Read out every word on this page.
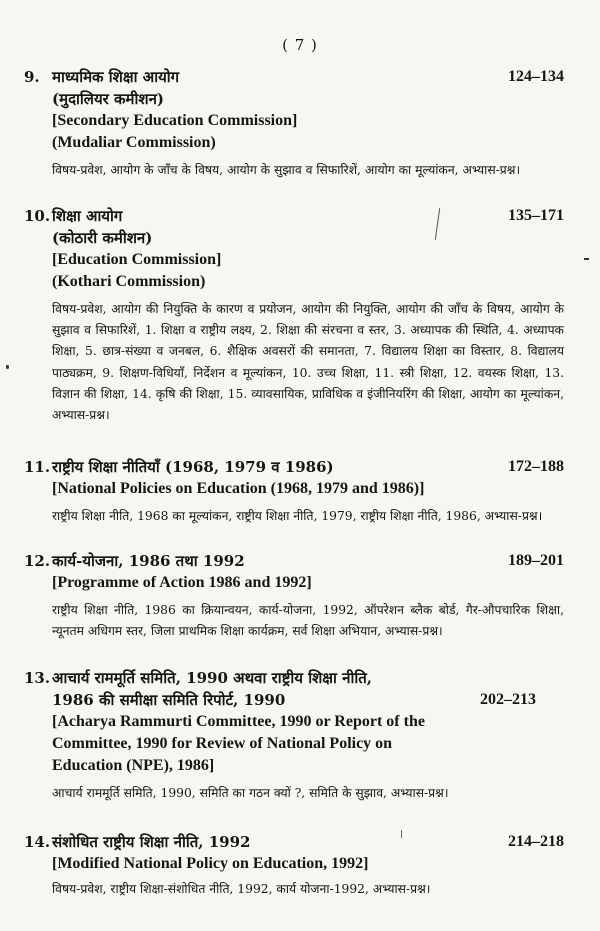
( 7 )
9. माध्यमिक शिक्षा आयोग	124–134
(मुदालियर कमीशन)
[Secondary Education Commission]
(Mudaliar Commission)
विषय-प्रवेश, आयोग के जाँच के विषय, आयोग के सुझाव व सिफारिशें, आयोग का मूल्यांकन, अभ्यास-प्रश्न।
10. शिक्षा आयोग	135–171
(कोठारी कमीशन)
[Education Commission]
(Kothari Commission)
विषय-प्रवेश, आयोग की नियुक्ति के कारण व प्रयोजन, आयोग की नियुक्ति, आयोग की जाँच के विषय, आयोग के सुझाव व सिफारिशें, 1. शिक्षा व राष्ट्रीय लक्ष्य, 2. शिक्षा की संरचना व स्तर, 3. अध्यापक की स्थिति, 4. अध्यापक शिक्षा, 5. छात्र-संख्या व जनबल, 6. शैक्षिक अवसरों की समानता, 7. विद्यालय शिक्षा का विस्तार, 8. विद्यालय पाठ्यक्रम, 9. शिक्षण-विधियाँ, निर्देशन व मूल्यांकन, 10. उच्च शिक्षा, 11. स्त्री शिक्षा, 12. वयस्क शिक्षा, 13. विज्ञान की शिक्षा, 14. कृषि की शिक्षा, 15. व्यावसायिक, प्राविधिक व इंजीनियरिंग की शिक्षा, आयोग का मूल्यांकन, अभ्यास-प्रश्न।
11. राष्ट्रीय शिक्षा नीतियाँ (1968, 1979 व 1986)	172–188
[National Policies on Education (1968, 1979 and 1986)]
राष्ट्रीय शिक्षा नीति, 1968 का मूल्यांकन, राष्ट्रीय शिक्षा नीति, 1979, राष्ट्रीय शिक्षा नीति, 1986, अभ्यास-प्रश्न।
12. कार्य-योजना, 1986 तथा 1992	189–201
[Programme of Action 1986 and 1992]
राष्ट्रीय शिक्षा नीति, 1986 का क्रियान्वयन, कार्य-योजना, 1992, ऑपरेशन ब्लैक बोर्ड, गैर-औपचारिक शिक्षा, न्यूनतम अधिगम स्तर, जिला प्राथमिक शिक्षा कार्यक्रम, सर्व शिक्षा अभियान, अभ्यास-प्रश्न।
13. आचार्य राममूर्ति समिति, 1990 अथवा राष्ट्रीय शिक्षा नीति,
1986 की समीक्षा समिति रिपोर्ट, 1990	202–213
[Acharya Rammurti Committee, 1990 or Report of the
Committee, 1990 for Review of National Policy on
Education (NPE), 1986]
आचार्य राममूर्ति समिति, 1990, समिति का गठन क्यों ?, समिति के सुझाव, अभ्यास-प्रश्न।
14. संशोधित राष्ट्रीय शिक्षा नीति, 1992	214–218
[Modified National Policy on Education, 1992]
विषय-प्रवेश, राष्ट्रीय शिक्षा-संशोधित नीति, 1992, कार्य योजना-1992, अभ्यास-प्रश्न।
